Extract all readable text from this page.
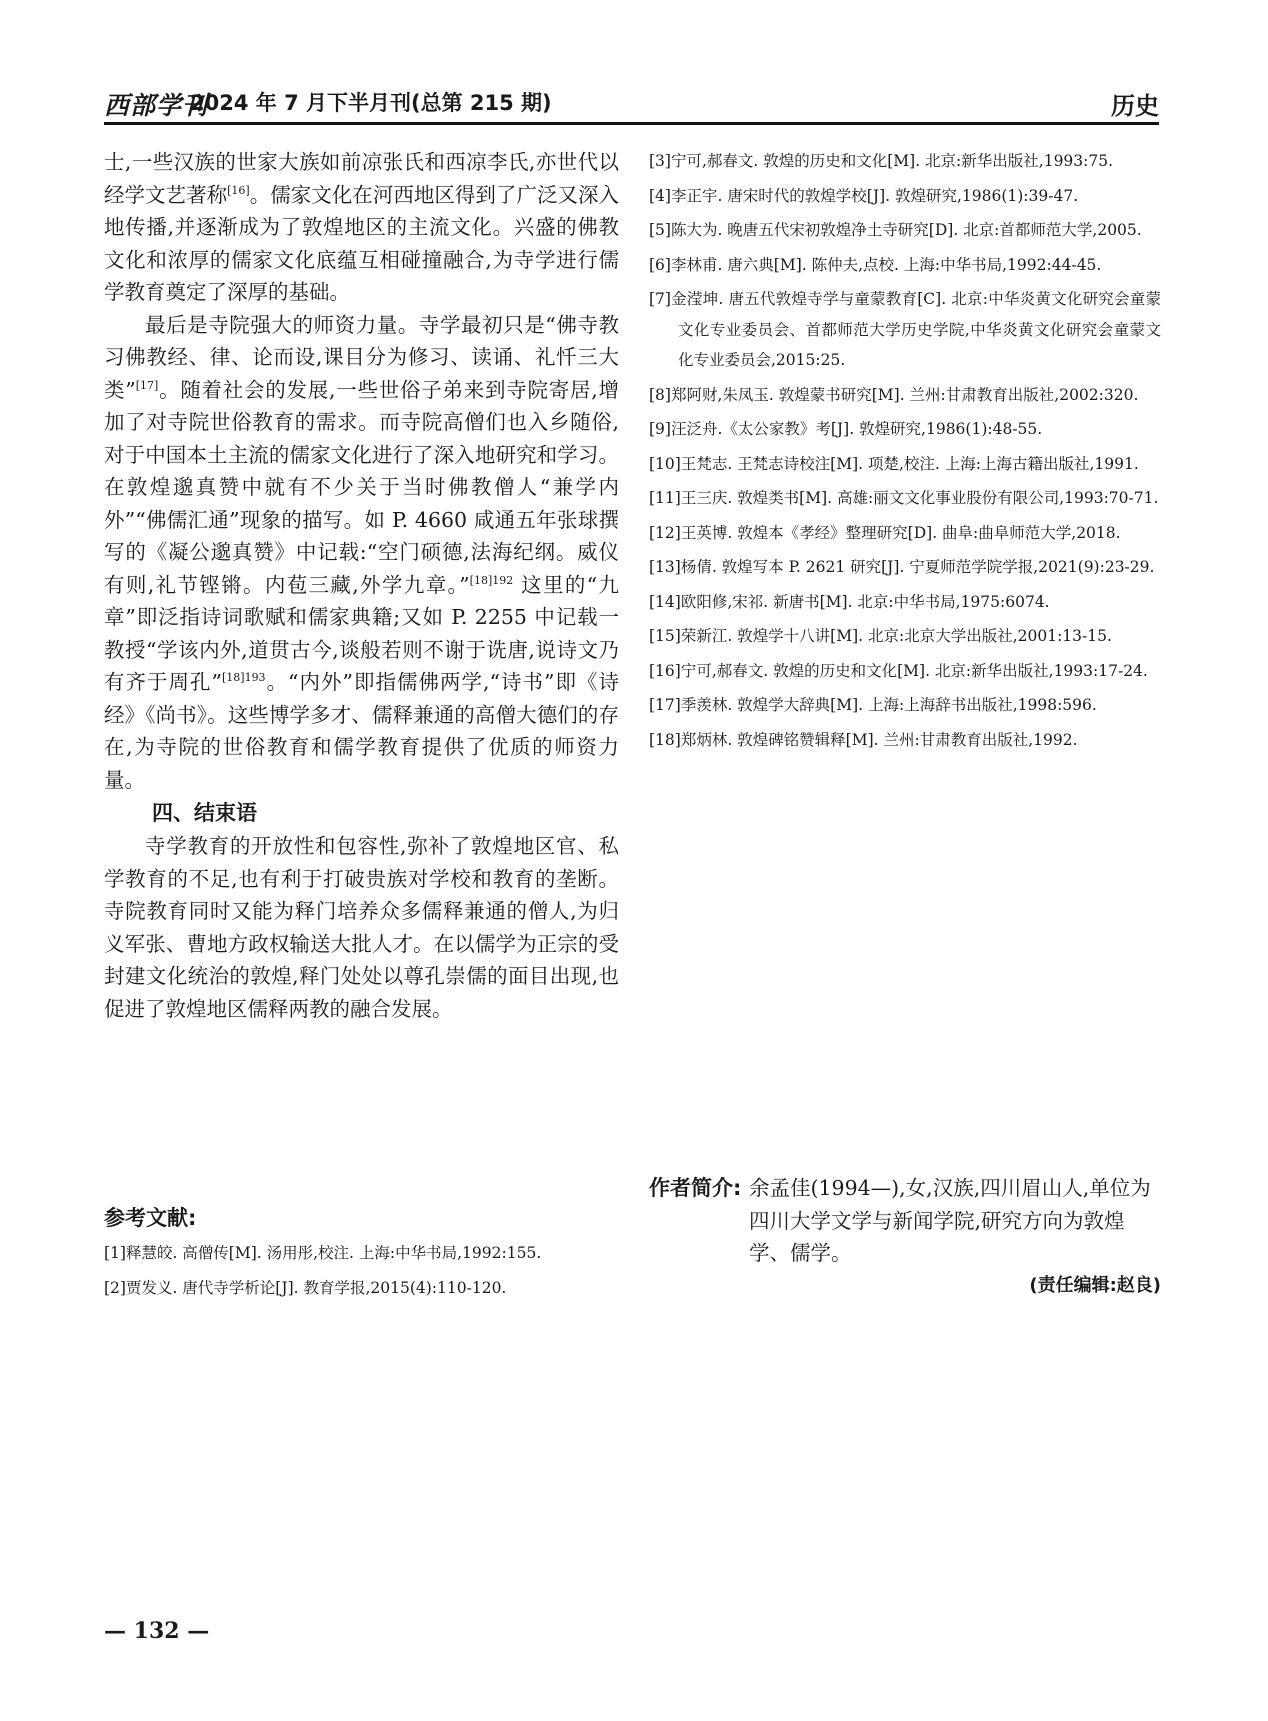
西部学刊
2024 年 7 月下半月刊(总第 215 期)	历史

士,一些汉族的世家大族如前凉张氏和西凉李氏,亦世代以经学文艺著称[16]。儒家文化在河西地区得到了广泛又深入地传播,并逐渐成为了敦煌地区的主流文化。兴盛的佛教文化和浓厚的儒家文化底蕴互相碰撞融合,为寺学进行儒学教育奠定了深厚的基础。

最后是寺院强大的师资力量。寺学最初只是“佛寺教习佛教经、律、论而设,课目分为修习、读诵、礼忏三大类”[17]。随着社会的发展,一些世俗子弟来到寺院寄居,增加了对寺院世俗教育的需求。而寺院高僧们也入乡随俗,对于中国本土主流的儒家文化进行了深入地研究和学习。在敦煌邈真赞中就有不少关于当时佛教僧人“兼学内外”“佛儒汇通”现象的描写。如 P. 4660 咸通五年张球撰写的《凝公邈真赞》中记载:“空门硕德,法海纪纲。威仪有则,礼节铿锵。内苞三藏,外学九章。”$^{[18]192}$ 这里的“九章”即泛指诗词歌赋和儒家典籍;又如 P. 2255 中记载一教授“学该内外,道贯古今,谈般若则不谢于诜唐,说诗文乃有齐于周孔”$^{[18]193}$。“内外”即指儒佛两学,“诗书”即《诗经》《尚书》。这些博学多才、儒释兼通的高僧大德们的存在,为寺院的世俗教育和儒学教育提供了优质的师资力量。

四、结束语

寺学教育的开放性和包容性,弥补了敦煌地区官、私学教育的不足,也有利于打破贵族对学校和教育的垄断。寺院教育同时又能为释门培养众多儒释兼通的僧人,为归义军张、曹地方政权输送大批人才。在以儒学为正宗的受封建文化统治的敦煌,释门处处以尊孔崇儒的面目出现,也促进了敦煌地区儒释两教的融合发展。

参考文献:

[1]释慧皎. 高僧传[M]. 汤用彤,校注. 上海:中华书局,1992:155.

[2]贾发义. 唐代寺学析论[J]. 教育学报,2015(4):110-120.

[3]宁可,郝春文. 敦煌的历史和文化[M]. 北京:新华出版社,1993:75.

[4]李正宇. 唐宋时代的敦煌学校[J]. 敦煌研究,1986(1):39-47.

[5]陈大为. 晚唐五代宋初敦煌净土寺研究[D]. 北京:首都师范大学,2005.

[6]李林甫. 唐六典[M]. 陈仲夫,点校. 上海:中华书局,1992:44-45.

[7]金滢坤. 唐五代敦煌寺学与童蒙教育[C]. 北京:中华炎黄文化研究会童蒙文化专业委员会、首都师范大学历史学院,中华炎黄文化研究会童蒙文化专业委员会,2015:25.

[8]郑阿财,朱凤玉. 敦煌蒙书研究[M]. 兰州:甘肃教育出版社,2002:320.

[9]汪泛舟.《太公家教》考[J]. 敦煌研究,1986(1):48-55.

[10]王梵志. 王梵志诗校注[M]. 项楚,校注. 上海:上海古籍出版社,1991.

[11]王三庆. 敦煌类书[M]. 高雄:丽文文化事业股份有限公司,1993:70-71.

[12]王英博. 敦煌本《孝经》整理研究[D]. 曲阜:曲阜师范大学,2018.

[13]杨倩. 敦煌写本 P. 2621 研究[J]. 宁夏师范学院学报,2021(9):23-29.

[14]欧阳修,宋祁. 新唐书[M]. 北京:中华书局,1975:6074.

[15]荣新江. 敦煌学十八讲[M]. 北京:北京大学出版社,2001:13-15.

[16]宁可,郝春文. 敦煌的历史和文化[M]. 北京:新华出版社,1993:17-24.

[17]季羡林. 敦煌学大辞典[M]. 上海:上海辞书出版社,1998:596.

[18]郑炳林. 敦煌碑铭赞辑释[M]. 兰州:甘肃教育出版社,1992.

作者简介: 余孟佳(1994—),女,汉族,四川眉山人,单位为四川大学文学与新闻学院,研究方向为敦煌学、儒学。
(责任编辑:赵良)
— 132 —
